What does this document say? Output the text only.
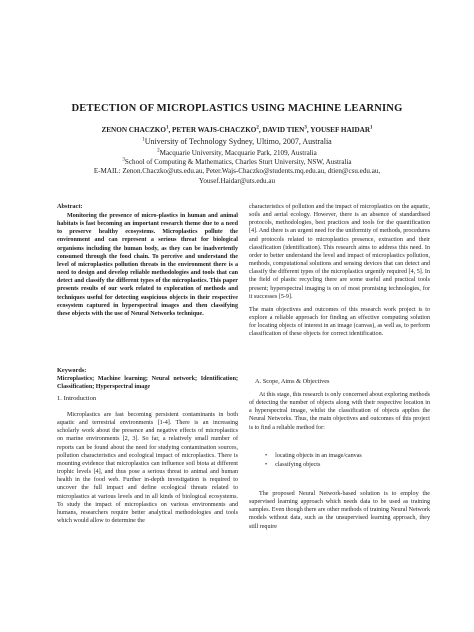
DETECTION OF MICROPLASTICS USING MACHINE LEARNING
ZENON CHACZKO$^1$, PETER WAJS-CHACZKO$^2$, DAVID TIEN$^3$, YOUSEF HAIDAR$^1$
$^1$University of Technology Sydney, Ultimo, 2007, Australia
$^2$Macquarie University, Macquarie Park, 2109, Australia
$^3$School of Computing & Mathematics, Charles Sturt University, NSW, Australia
E-MAIL: Zenon.Chaczko@uts.edu.au, Peter.Wajs-Chaczko@students.mq.edu.au, dtien@csu.edu.au,
Yousef.Haidar@uts.edu.au
Abstract:

Monitoring the presence of micro-plastics in human and animal habitats is fast becoming an important research theme due to a need to preserve healthy ecosystems. Microplastics pollute the environment and can represent a serious threat for biological organisms including the human body, as they can be inadvertently consumed through the food chain. To perceive and understand the level of microplastics pollution threats in the environment there is a need to design and develop reliable methodologies and tools that can detect and classify the different types of the microplastics. This paper presents results of our work related to exploration of methods and techniques useful for detecting suspicious objects in their respective ecosystem captured in hyperspectral images and then classifying these objects with the use of Neural Networks technique.

Keywords:

Microplastics; Machine learning; Neural network; Identification; Classification; Hyperspectral image

1. Introduction

Microplastics are fast becoming persistent contaminants in both aquatic and terrestrial environments [1-4]. There is an increasing scholarly work about the presence and negative effects of microplastics on marine environments [2, 3]. So far, a relatively small number of reports can be found about the need for studying contamination sources, pollution characteristics and ecological impact of microplastics. There is mounting evidence that microplastics can influence soil biota at different trophic levels [4], and thus pose a serious threat to animal and human health in the food web. Further in-depth investigation is required to uncover the full impact and define ecological threats related to microplastics at various levels and in all kinds of biological ecosystems. To study the impact of microplastics on various environments and humans, researchers require better analytical methodologies and tools which would allow to determine the

characteristics of pollution and the impact of microplastics on the aquatic, soils and aerial ecology. However, there is an absence of standardised protocols, methodologies, best practices and tools for the quantification [4]. And there is an urgent need for the uniformity of methods, procedures and protocols related to microplastics presence, extraction and their classification (identification). This research aims to address this need. In order to better understand the level and impact of microplastics pollution, methods, computational solutions and sensing devices that can detect and classify the different types of the microplastics urgently required [4, 5]. In the field of plastic recycling there are some useful and practical tools present; hyperspectral imaging is on of most promising technologies, for it successes [5-9].

The main objectives and outcomes of this research work project is to explore a reliable approach for finding an effective computing solution for locating objects of interest in an image (canvas), as well as, to perform classification of these objects for correct identification.

A. Scope, Aims & Objectives

At this stage, this research is only concerned about exploring methods of detecting the number of objects along with their respective location in a hyperspectral image, whilst the classification of objects applies the Neural Networks. Thus, the main objectives and outcomes of this project is to find a reliable method for:

• locating objects in an image/canvas
• classifying objects

The proposed Neural Network-based solution is to employ the supervised learning approach which needs data to be used as training samples. Even though there are other methods of training Neural Network models without data, such as the unsupervised learning approach, they still require
